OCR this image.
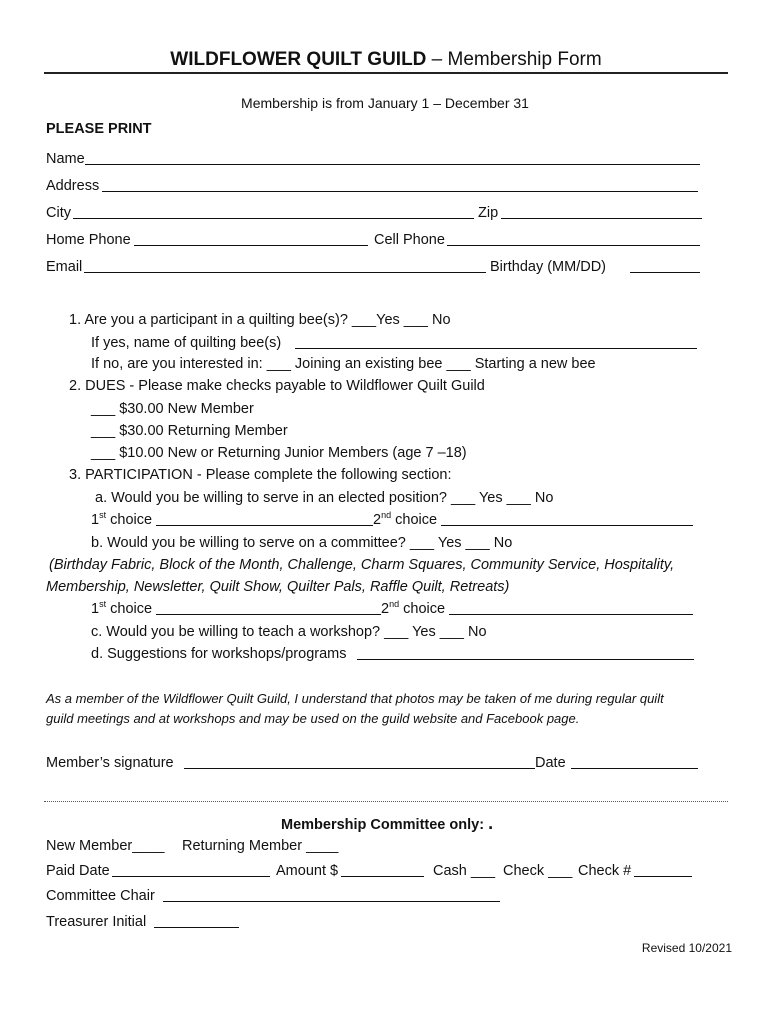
WILDFLOWER QUILT GUILD – Membership Form
Membership is from January 1 – December 31
PLEASE PRINT
Name
Address
City	Zip
Home Phone	Cell Phone
Email	Birthday (MM/DD)
1. Are you a participant in a quilting bee(s)? ___Yes ___ No
If yes, name of quilting bee(s)
If no, are you interested in: ___ Joining an existing bee ___ Starting a new bee
2. DUES - Please make checks payable to Wildflower Quilt Guild
___ $30.00 New Member
___ $30.00 Returning Member
___ $10.00 New or Returning Junior Members (age 7 –18)
3. PARTICIPATION - Please complete the following section:
a. Would you be willing to serve in an elected position? ___ Yes ___ No
1st choice	2nd choice
b. Would you be willing to serve on a committee? ___ Yes ___ No
(Birthday Fabric, Block of the Month, Challenge, Charm Squares, Community Service, Hospitality,
Membership, Newsletter, Quilt Show, Quilter Pals, Raffle Quilt, Retreats)
1st choice	2nd choice
c. Would you be willing to teach a workshop? ___ Yes ___ No
d. Suggestions for workshops/programs
As a member of the Wildflower Quilt Guild, I understand that photos may be taken of me during regular quilt
guild meetings and at workshops and may be used on the guild website and Facebook page.
Member’s signature	Date
Membership Committee only: .
New Member____ Returning Member ____
Paid Date	Amount $	Cash ___ Check ___ Check #
Committee Chair
Treasurer Initial
Revised 10/2021
